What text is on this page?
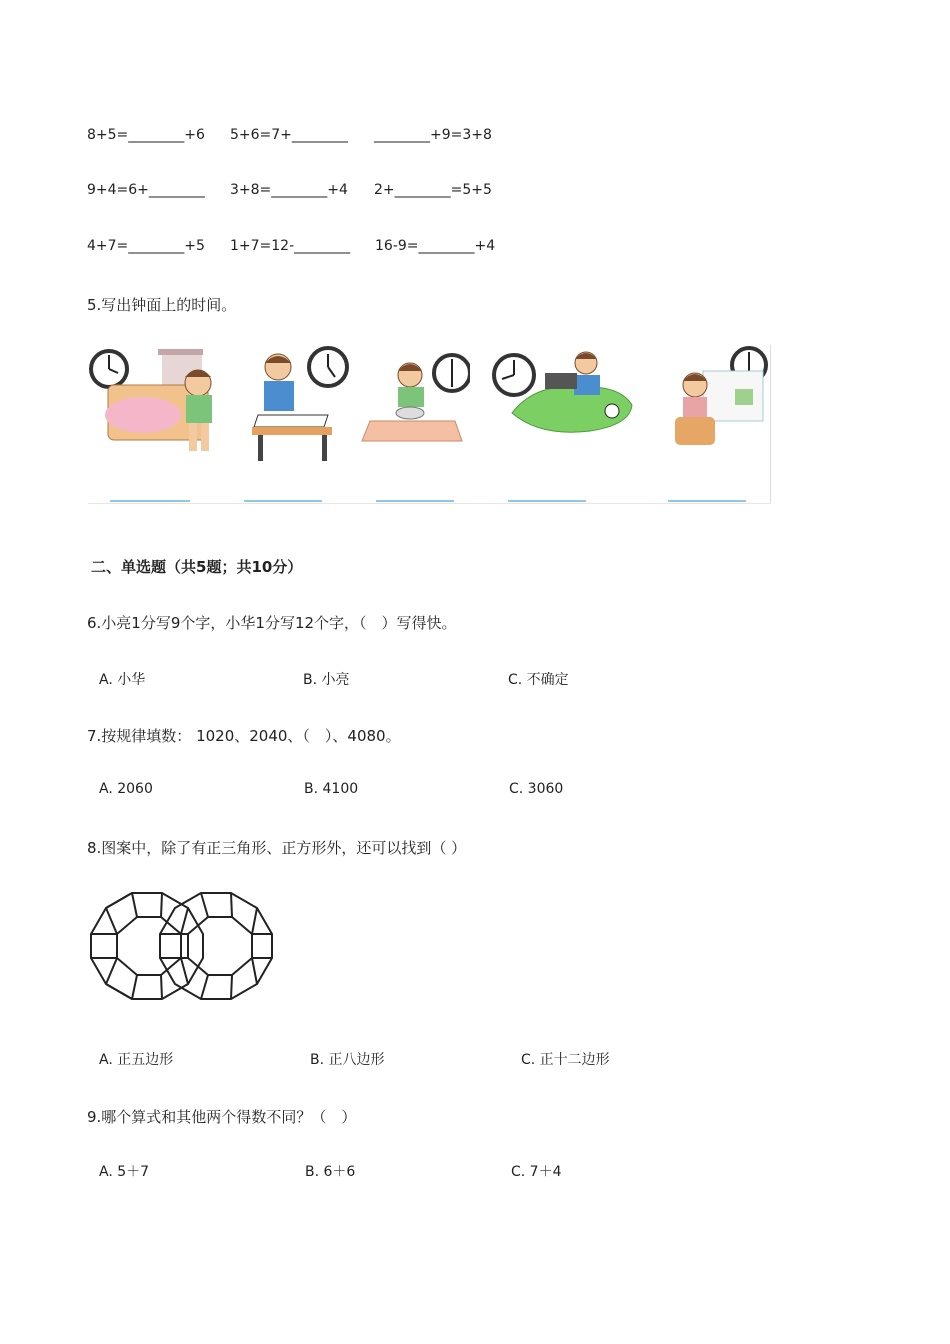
8+5=________+6 5+6=7+________ ________+9=3+8
9+4=6+________ 3+8=________+4 2+________=5+5
4+7=________+5 1+7=12-________ 16-9=________+4
5.写出钟面上的时间。
二、单选题（共5题；共10分）
6.小亮1分写9个字，小华1分写12个字，（　）写得快。
A. 小华	B. 小亮	C. 不确定
7.按规律填数： 1020、2040、（　）、4080。
A. 2060	B. 4100	C. 3060
8.图案中，除了有正三角形、正方形外，还可以找到（ ）
A. 正五边形	B. 正八边形	C. 正十二边形
9.哪个算式和其他两个得数不同？（　）
A. 5＋7	B. 6＋6	C. 7＋4
